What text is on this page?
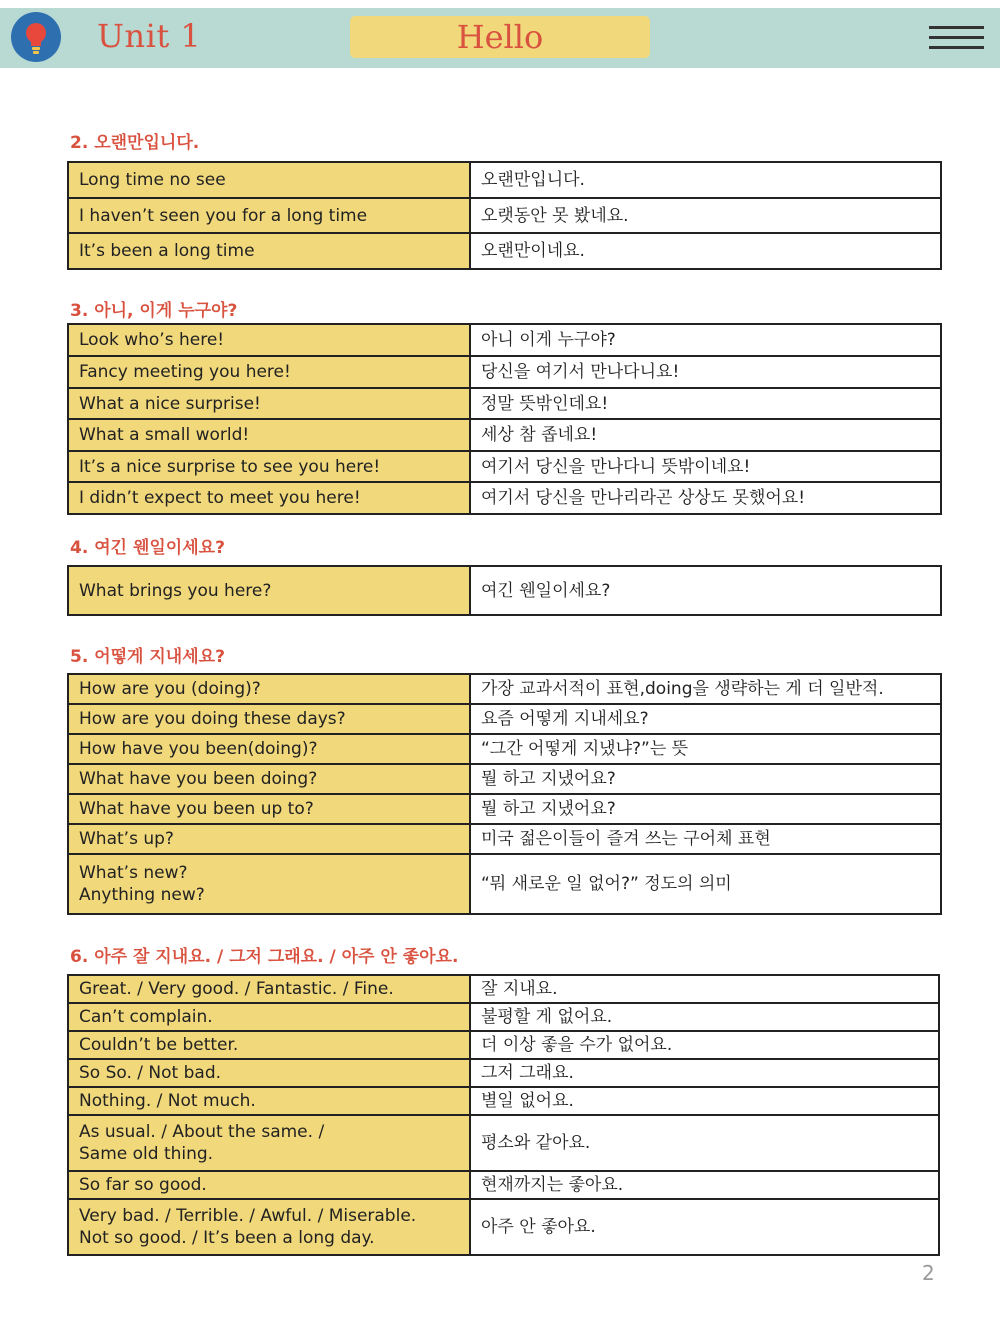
Unit 1	Hello
2. 오랜만입니다.
Long time no see	오랜만입니다.
I haven’t seen you for a long time	오랫동안 못 봤네요.
It’s been a long time	오랜만이네요.
3. 아니, 이게 누구야?
Look who’s here!	아니 이게 누구야?
Fancy meeting you here!	당신을 여기서 만나다니요!
What a nice surprise!	정말 뜻밖인데요!
What a small world!	세상 참 좁네요!
It’s a nice surprise to see you here!	여기서 당신을 만나다니 뜻밖이네요!
I didn’t expect to meet you here!	여기서 당신을 만나리라곤 상상도 못했어요!
4. 여긴 웬일이세요?
What brings you here?	여긴 웬일이세요?
5. 어떻게 지내세요?
How are you (doing)?	가장 교과서적이 표현,doing을 생략하는 게 더 일반적.
How are you doing these days?	요즘 어떻게 지내세요?
How have you been(doing)?	“그간 어떻게 지냈냐?”는 뜻
What have you been doing?	뭘 하고 지냈어요?
What have you been up to?	뭘 하고 지냈어요?
What’s up?	미국 젊은이들이 즐겨 쓰는 구어체 표현
What’s new?
Anything new?	“뭐 새로운 일 없어?” 정도의 의미
6. 아주 잘 지내요. / 그저 그래요. / 아주 안 좋아요.
Great. / Very good. / Fantastic. / Fine.	잘 지내요.
Can’t complain.	불평할 게 없어요.
Couldn’t be better.	더 이상 좋을 수가 없어요.
So So. / Not bad.	그저 그래요.
Nothing. / Not much.	별일 없어요.
As usual. / About the same. /
Same old thing.	평소와 같아요.
So far so good.	현재까지는 좋아요.
Very bad. / Terrible. / Awful. / Miserable.
Not so good. / It’s been a long day.	아주 안 좋아요.
2
